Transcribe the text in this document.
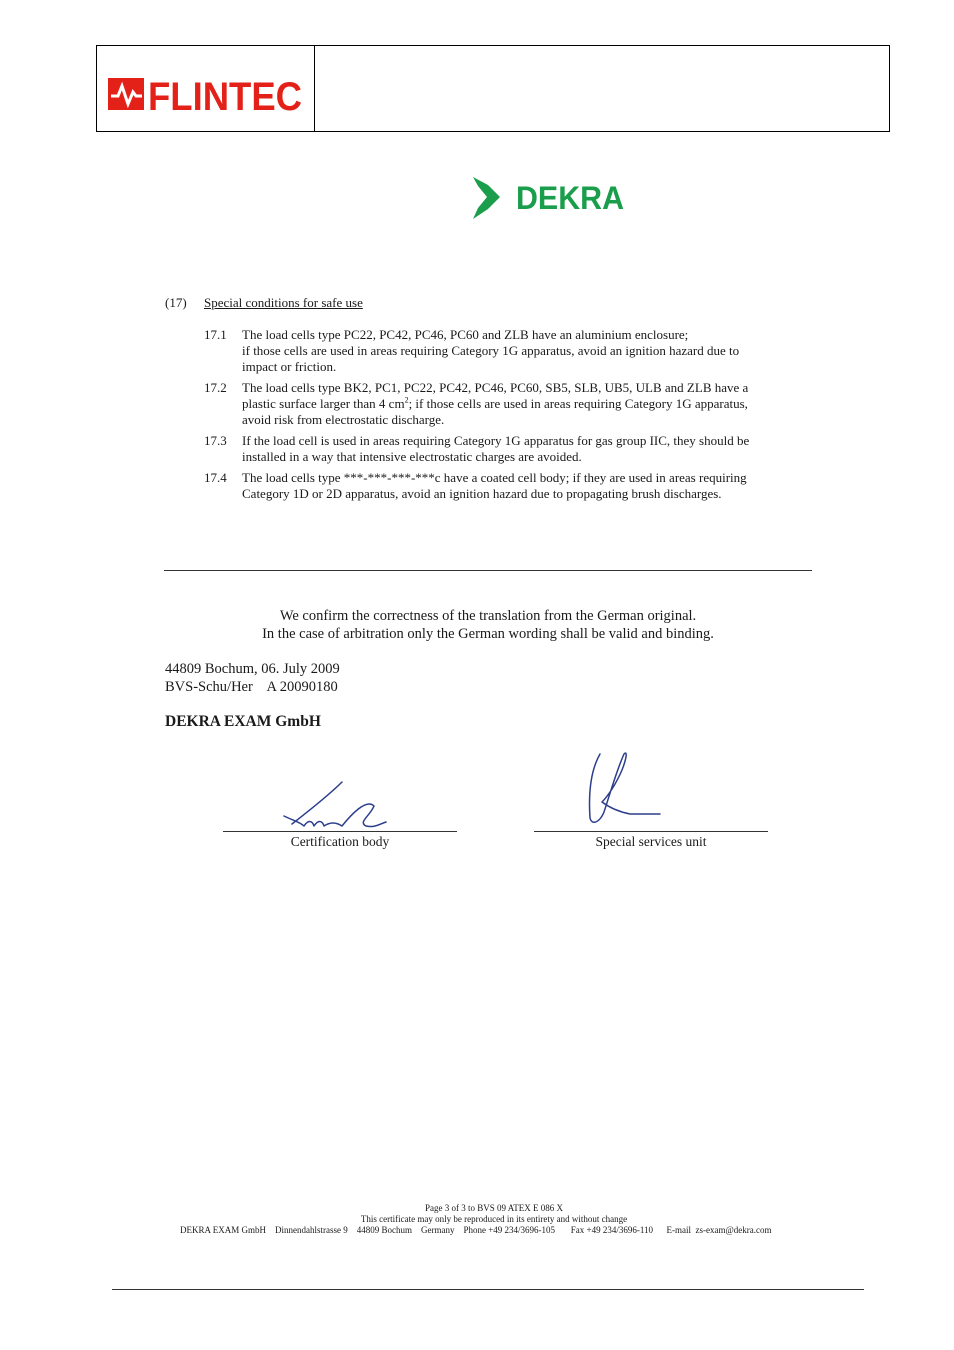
FLINTEC
DEKRA
(17) Special conditions for safe use
17.1 The load cells type PC22, PC42, PC46, PC60 and ZLB have an aluminium enclosure;
if those cells are used in areas requiring Category 1G apparatus, avoid an ignition hazard due to
impact or friction.
17.2 The load cells type BK2, PC1, PC22, PC42, PC46, PC60, SB5, SLB, UB5, ULB and ZLB have a
plastic surface larger than 4 $cm^2$; if those cells are used in areas requiring Category 1G apparatus,
avoid risk from electrostatic discharge.
17.3 If the load cell is used in areas requiring Category 1G apparatus for gas group IIC, they should be
installed in a way that intensive electrostatic charges are avoided.
17.4 The load cells type ***-***-***-***c have a coated cell body; if they are used in areas requiring
Category 1D or 2D apparatus, avoid an ignition hazard due to propagating brush discharges.
We confirm the correctness of the translation from the German original.
In the case of arbitration only the German wording shall be valid and binding.
44809 Bochum, 06. July 2009
BVS-Schu/Her    A 20090180
DEKRA EXAM GmbH
Certification body	Special services unit
Page 3 of 3 to BVS 09 ATEX E 086 X
This certificate may only be reproduced in its entirety and without change
DEKRA EXAM GmbH    Dinnendahlstrasse 9    44809 Bochum    Germany    Phone +49 234/3696-105       Fax +49 234/3696-110      E-mail  zs-exam@dekra.com
